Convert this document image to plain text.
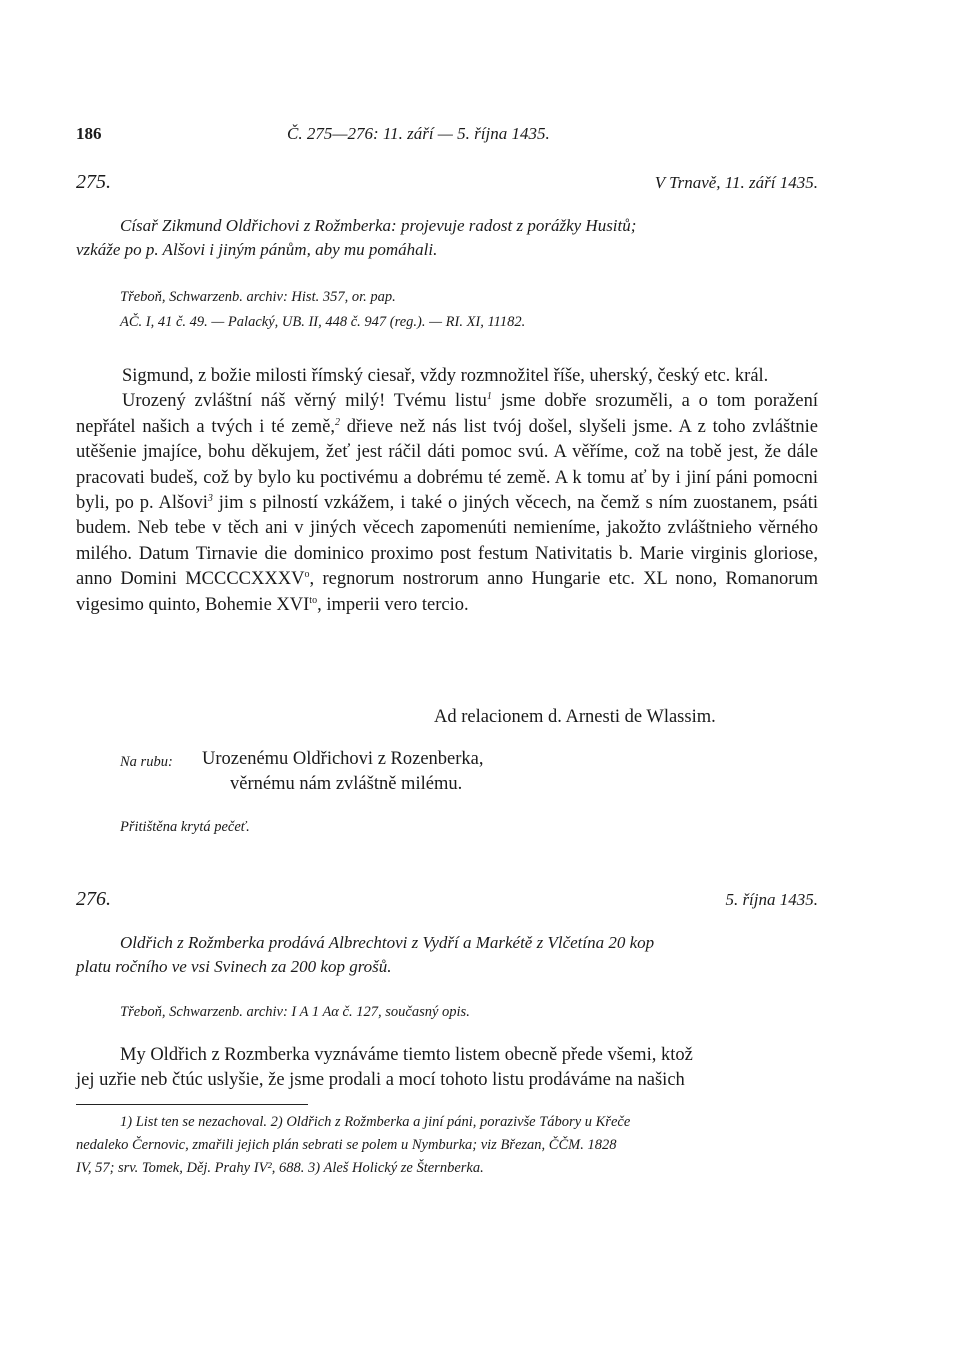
186	Č. 275—276: 11. září — 5. října 1435.
275.	V Trnavě, 11. září 1435.
Císař Zikmund Oldřichovi z Rožmberka: projevuje radost z porážky Husitů;
vzkáže po p. Alšovi i jiným pánům, aby mu pomáhali.
Třeboň, Schwarzenb. archiv: Hist. 357, or. pap.
AČ. I, 41 č. 49. — Palacký, UB. II, 448 č. 947 (reg.). — RI. XI, 11182.

Sigmund, z božie milosti římský ciesař, vždy rozmnožitel říše, uherský, český etc. král.

Urozený zvláštní náš věrný milý! Tvému listu$^1$ jsme dobře srozuměli, a o tom poražení nepřátel našich a tvých i té země,$^2$ dřieve než nás list tvój došel, slyšeli jsme. A z toho zvláštnie utěšenie jmajíce, bohu děkujem, žeť jest ráčil dáti pomoc svú. A věříme, což na tobě jest, že dále pracovati budeš, což by bylo ku poctivému a dobrému té země. A k tomu ať by i jiní páni pomocni byli, po p. Alšovi$^3$ jim s pilností vzkážem, i také o jiných věcech, na čemž s ním zuostanem, psáti budem. Neb tebe v těch ani v jiných věcech zapomenúti nemieníme, jakožto zvláštnieho věrného milého. Datum Tirnavie die dominico proximo post festum Nativitatis b. Marie virginis gloriose, anno Domini MCCCCXXXV$^o$, regnorum nostrorum anno Hungarie etc. XL nono, Romanorum vigesimo quinto, Bohemie $XVI^{to}$, imperii vero tercio.

Ad relacionem d. Arnesti de Wlassim.
Na rubu: Urozenému Oldřichovi z Rozenberka,
věrnému nám zvláštně milému.
Přitištěna krytá pečeť.
276.	5. října 1435.
Oldřich z Rožmberka prodává Albrechtovi z Vydří a Markétě z Vlčetína 20 kop
platu ročního ve vsi Svinech za 200 kop grošů.
Třeboň, Schwarzenb. archiv: I A 1 Aα č. 127, současný opis.
My Oldřich z Rozmberka vyznáváme tiemto listem obecně přede všemi, ktož
jej uzřie neb čtúc uslyšie, že jsme prodali a mocí tohoto listu prodáváme na našich
1) List ten se nezachoval. 2) Oldřich z Rožmberka a jiní páni, porazivše Tábory u Křeče
nedaleko Černovic, zmařili jejich plán sebrati se polem u Nymburka; viz Březan, ČČM. 1828
IV, 57; srv. Tomek, Děj. Prahy IV², 688. 3) Aleš Holický ze Šternberka.
